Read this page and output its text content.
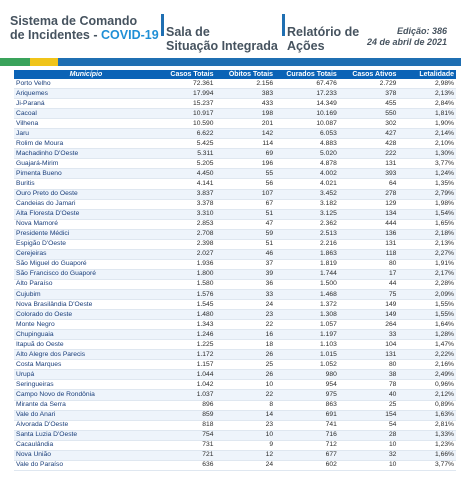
Sistema de Comando
de Incidentes - COVID-19 Sala de
Situação Integrada
Relatório de
Ações
Edição: 386
24 de abril de 2021
Município	Casos Totais	Óbitos Totais	Curados Totais	Casos Ativos	Letalidade
Porto Velho	72.361	2.156	67.476	2.729	2,98%
Ariquemes	17.994	383	17.233	378	2,13%
Ji-Paraná	15.237	433	14.349	455	2,84%
Cacoal	10.917	198	10.169	550	1,81%
Vilhena	10.590	201	10.087	302	1,90%
Jaru	6.622	142	6.053	427	2,14%
Rolim de Moura	5.425	114	4.883	428	2,10%
Machadinho D'Oeste	5.311	69	5.020	222	1,30%
Guajará-Mirim	5.205	196	4.878	131	3,77%
Pimenta Bueno	4.450	55	4.002	393	1,24%
Buritis	4.141	56	4.021	64	1,35%
Ouro Preto do Oeste	3.837	107	3.452	278	2,79%
Candeias do Jamari	3.378	67	3.182	129	1,98%
Alta Floresta D'Oeste	3.310	51	3.125	134	1,54%
Nova Mamoré	2.853	47	2.362	444	1,65%
Presidente Médici	2.708	59	2.513	136	2,18%
Espigão D'Oeste	2.398	51	2.216	131	2,13%
Cerejeiras	2.027	46	1.863	118	2,27%
São Miguel do Guaporé	1.936	37	1.819	80	1,91%
São Francisco do Guaporé	1.800	39	1.744	17	2,17%
Alto Paraíso	1.580	36	1.500	44	2,28%
Cujubim	1.576	33	1.468	75	2,09%
Nova Brasilândia D'Oeste	1.545	24	1.372	149	1,55%
Colorado do Oeste	1.480	23	1.308	149	1,55%
Monte Negro	1.343	22	1.057	264	1,64%
Chupinguaia	1.246	16	1.197	33	1,28%
Itapuã do Oeste	1.225	18	1.103	104	1,47%
Alto Alegre dos Parecis	1.172	26	1.015	131	2,22%
Costa Marques	1.157	25	1.052	80	2,16%
Urupá	1.044	26	980	38	2,49%
Seringueiras	1.042	10	954	78	0,96%
Campo Novo de Rondônia	1.037	22	975	40	2,12%
Mirante da Serra	896	8	863	25	0,89%
Vale do Anari	859	14	691	154	1,63%
Alvorada D'Oeste	818	23	741	54	2,81%
Santa Luzia D'Oeste	754	10	716	28	1,33%
Cacaulândia	731	9	712	10	1,23%
Nova União	721	12	677	32	1,66%
Vale do Paraíso	636	24	602	10	3,77%
